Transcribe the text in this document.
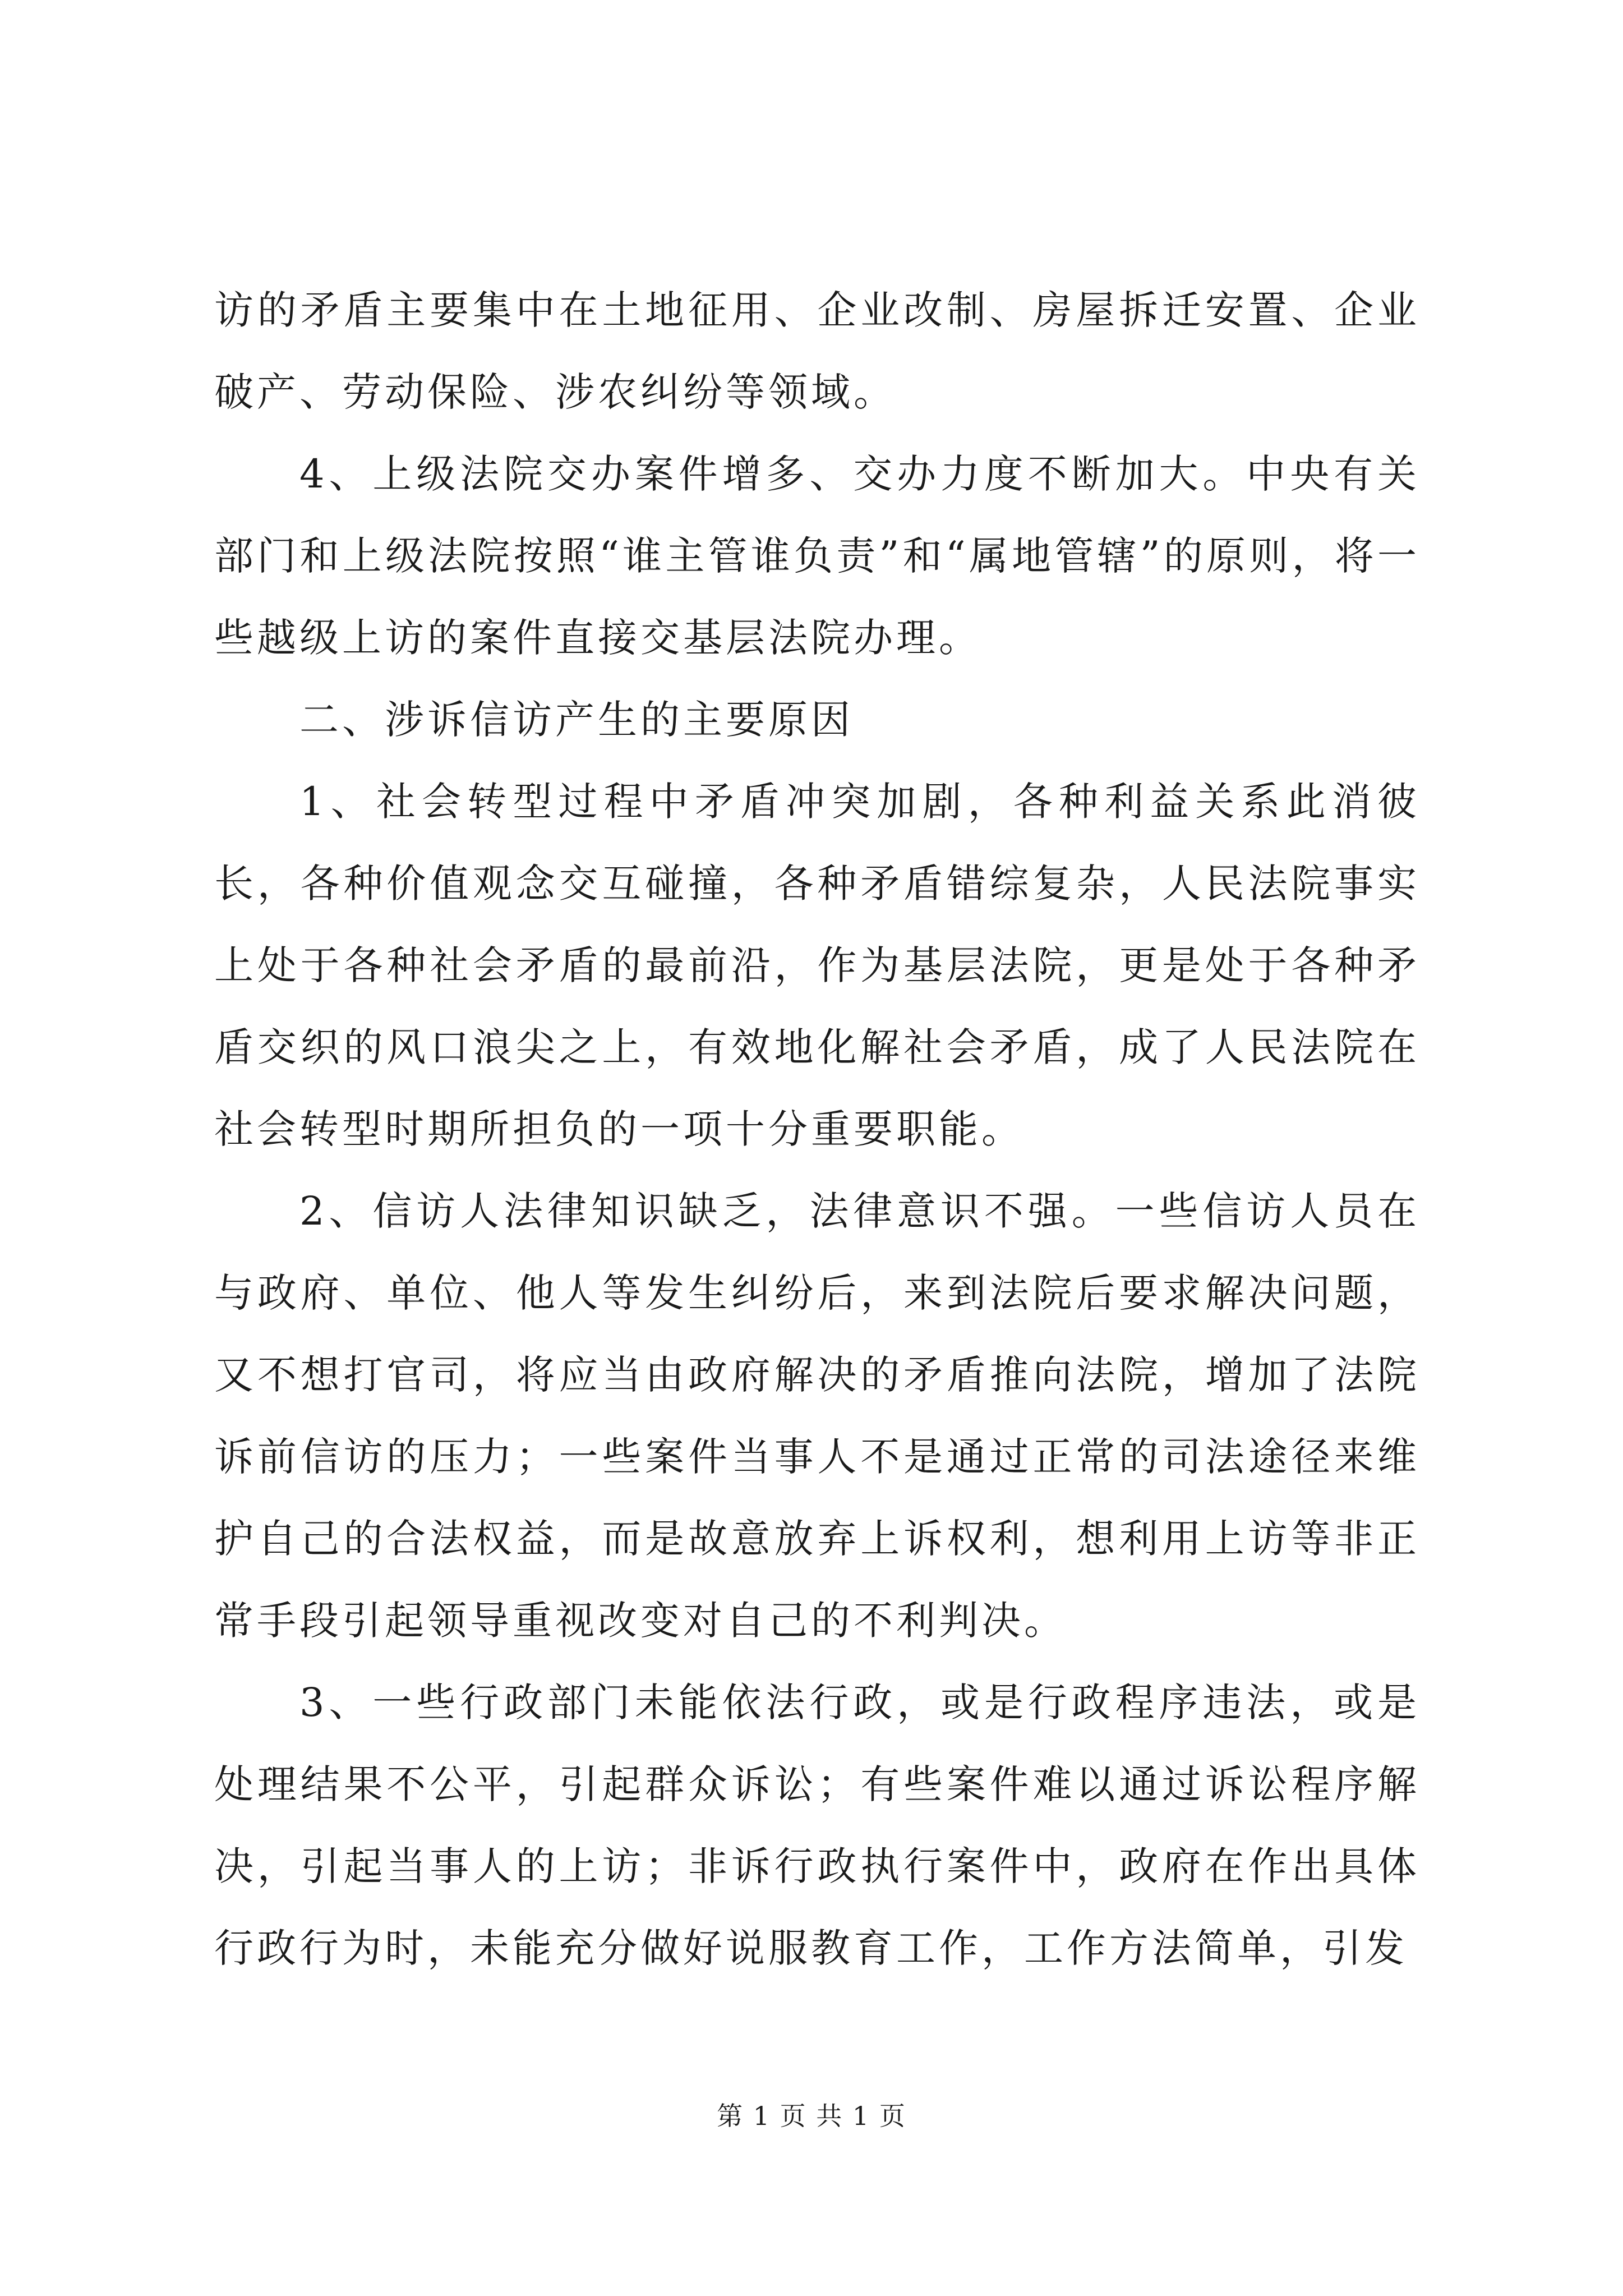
访的矛盾主要集中在土地征用、企业改制、房屋拆迁安置、企业破产、劳动保险、涉农纠纷等领域。

4、上级法院交办案件增多、交办力度不断加大。中央有关部门和上级法院按照“谁主管谁负责”和“属地管辖”的原则，将一些越级上访的案件直接交基层法院办理。

二、涉诉信访产生的主要原因

1、社会转型过程中矛盾冲突加剧，各种利益关系此消彼长，各种价值观念交互碰撞，各种矛盾错综复杂，人民法院事实上处于各种社会矛盾的最前沿，作为基层法院，更是处于各种矛盾交织的风口浪尖之上，有效地化解社会矛盾，成了人民法院在社会转型时期所担负的一项十分重要职能。

2、信访人法律知识缺乏，法律意识不强。一些信访人员在与政府、单位、他人等发生纠纷后，来到法院后要求解决问题，又不想打官司，将应当由政府解决的矛盾推向法院，增加了法院诉前信访的压力；一些案件当事人不是通过正常的司法途径来维护自己的合法权益，而是故意放弃上诉权利，想利用上访等非正常手段引起领导重视改变对自己的不利判决。

3、一些行政部门未能依法行政，或是行政程序违法，或是处理结果不公平，引起群众诉讼；有些案件难以通过诉讼程序解决，引起当事人的上访；非诉行政执行案件中，政府在作出具体行政行为时，未能充分做好说服教育工作，工作方法简单，引发

第 1 页 共 1 页
